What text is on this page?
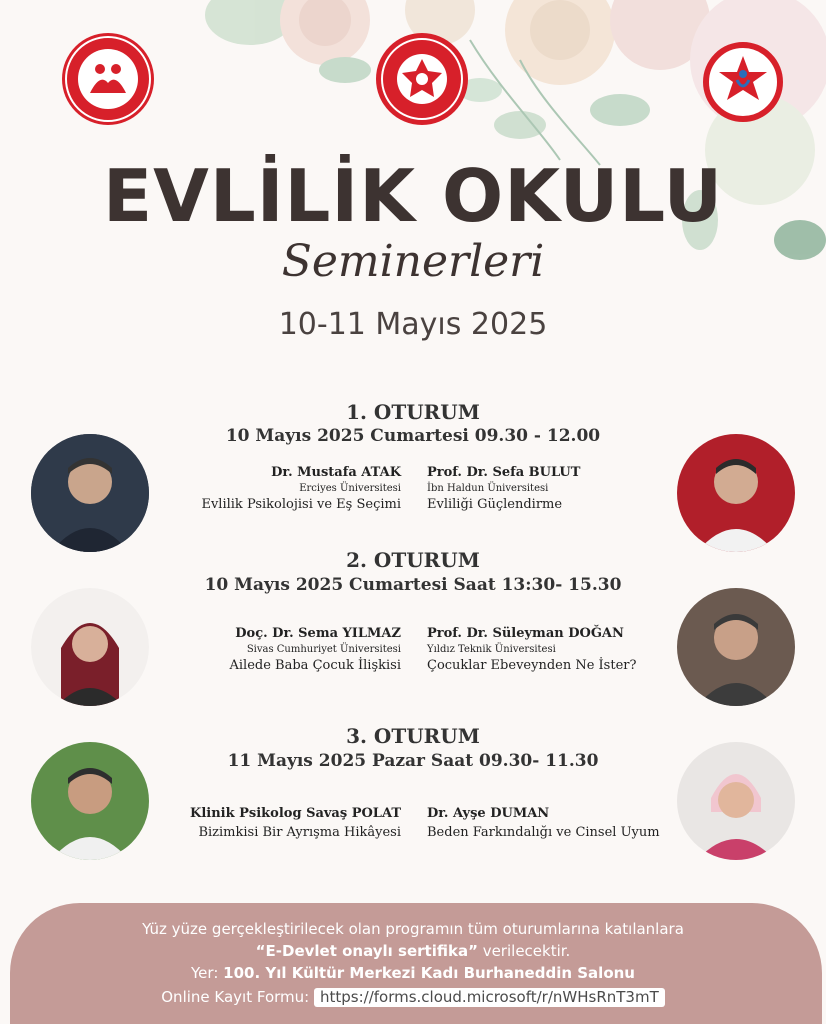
EVLİLİK OKULU
Seminerleri
10-11 Mayıs 2025
1. OTURUM
10 Mayıs 2025 Cumartesi 09.30 - 12.00
Dr. Mustafa ATAK
Erciyes Üniversitesi
Evlilik Psikolojisi ve Eş Seçimi
Prof. Dr. Sefa BULUT
İbn Haldun Üniversitesi
Evliliği Güçlendirme
2. OTURUM
10 Mayıs 2025 Cumartesi Saat 13:30- 15.30
Doç. Dr. Sema YILMAZ
Sivas Cumhuriyet Üniversitesi
Ailede Baba Çocuk İlişkisi
Prof. Dr. Süleyman DOĞAN
Yıldız Teknik Üniversitesi
Çocuklar Ebeveynden Ne İster?
3. OTURUM
11 Mayıs 2025 Pazar Saat 09.30- 11.30
Klinik Psikolog Savaş POLAT
Bizimkisi Bir Ayrışma Hikâyesi
Dr. Ayşe DUMAN
Beden Farkındalığı ve Cinsel Uyum
Yüz yüze gerçekleştirilecek olan programın tüm oturumlarına katılanlara
“E-Devlet onaylı sertifika” verilecektir.
Yer: 100. Yıl Kültür Merkezi Kadı Burhaneddin Salonu
Online Kayıt Formu: https://forms.cloud.microsoft/r/nWHsRnT3mT
